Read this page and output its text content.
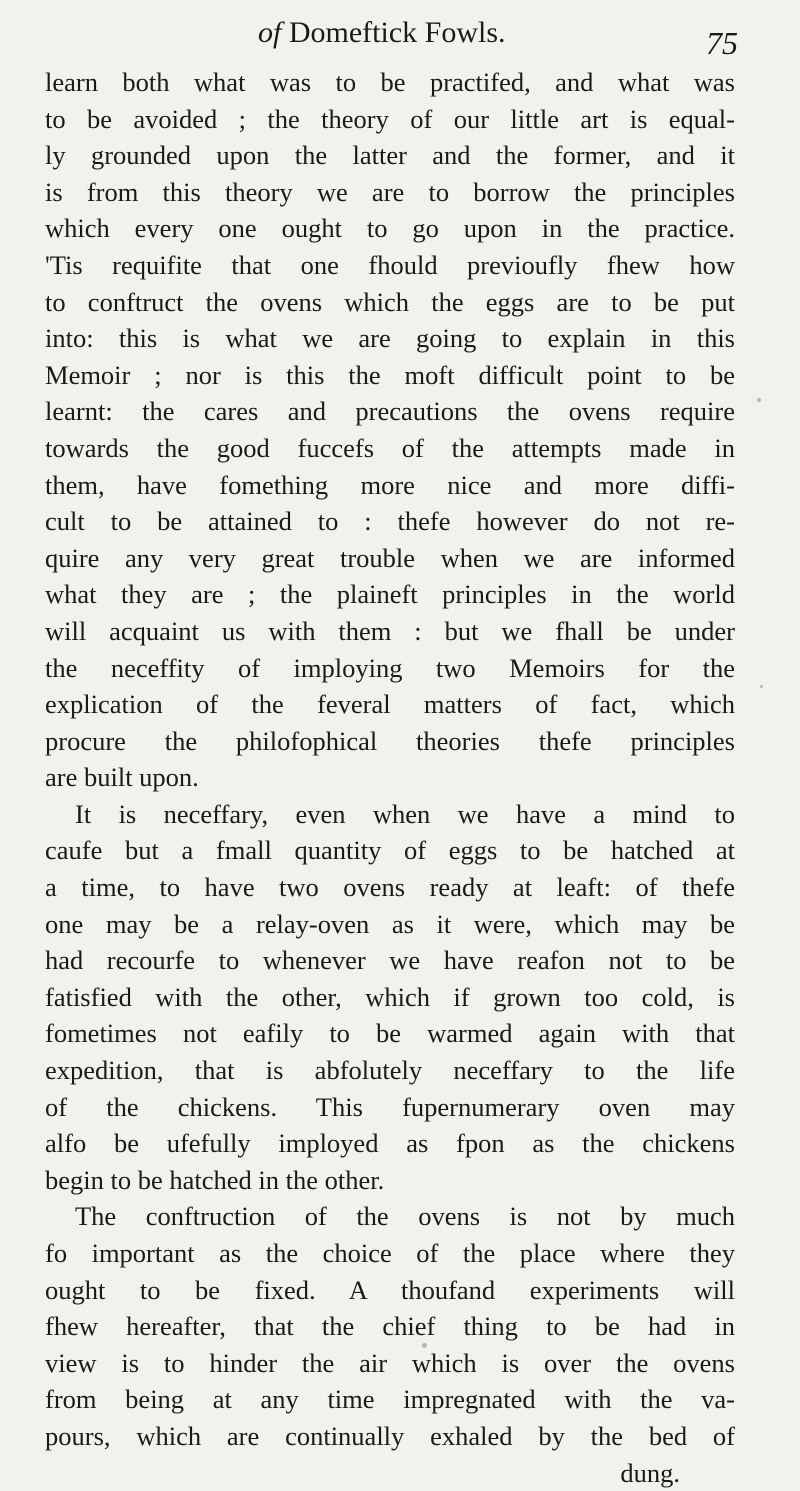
of Domeftick Fowls.	75
learn both what was to be practifed, and what was
to be avoided ; the theory of our little art is equal-
ly grounded upon the latter and the former, and it
is from this theory we are to borrow the principles
which every one ought to go upon in the practice.
'Tis requifite that one fhould previoufly fhew how
to conftruct the ovens which the eggs are to be put
into: this is what we are going to explain in this
Memoir ; nor is this the moft difficult point to be
learnt: the cares and precautions the ovens require
towards the good fuccefs of the attempts made in
them, have fomething more nice and more diffi-
cult to be attained to : thefe however do not re-
quire any very great trouble when we are informed
what they are ; the plaineft principles in the world
will acquaint us with them : but we fhall be under
the neceffity of imploying two Memoirs for the
explication of the feveral matters of fact, which
procure the philofophical theories thefe principles
are built upon.
It is neceffary, even when we have a mind to
caufe but a fmall quantity of eggs to be hatched at
a time, to have two ovens ready at leaft: of thefe
one may be a relay-oven as it were, which may be
had recourfe to whenever we have reafon not to be
fatisfied with the other, which if grown too cold, is
fometimes not eafily to be warmed again with that
expedition, that is abfolutely neceffary to the life
of the chickens. This fupernumerary oven may
alfo be ufefully imployed as fpon as the chickens
begin to be hatched in the other.
The conftruction of the ovens is not by much
fo important as the choice of the place where they
ought to be fixed. A thoufand experiments will
fhew hereafter, that the chief thing to be had in
view is to hinder the air which is over the ovens
from being at any time impregnated with the va-
pours, which are continually exhaled by the bed of
dung.
